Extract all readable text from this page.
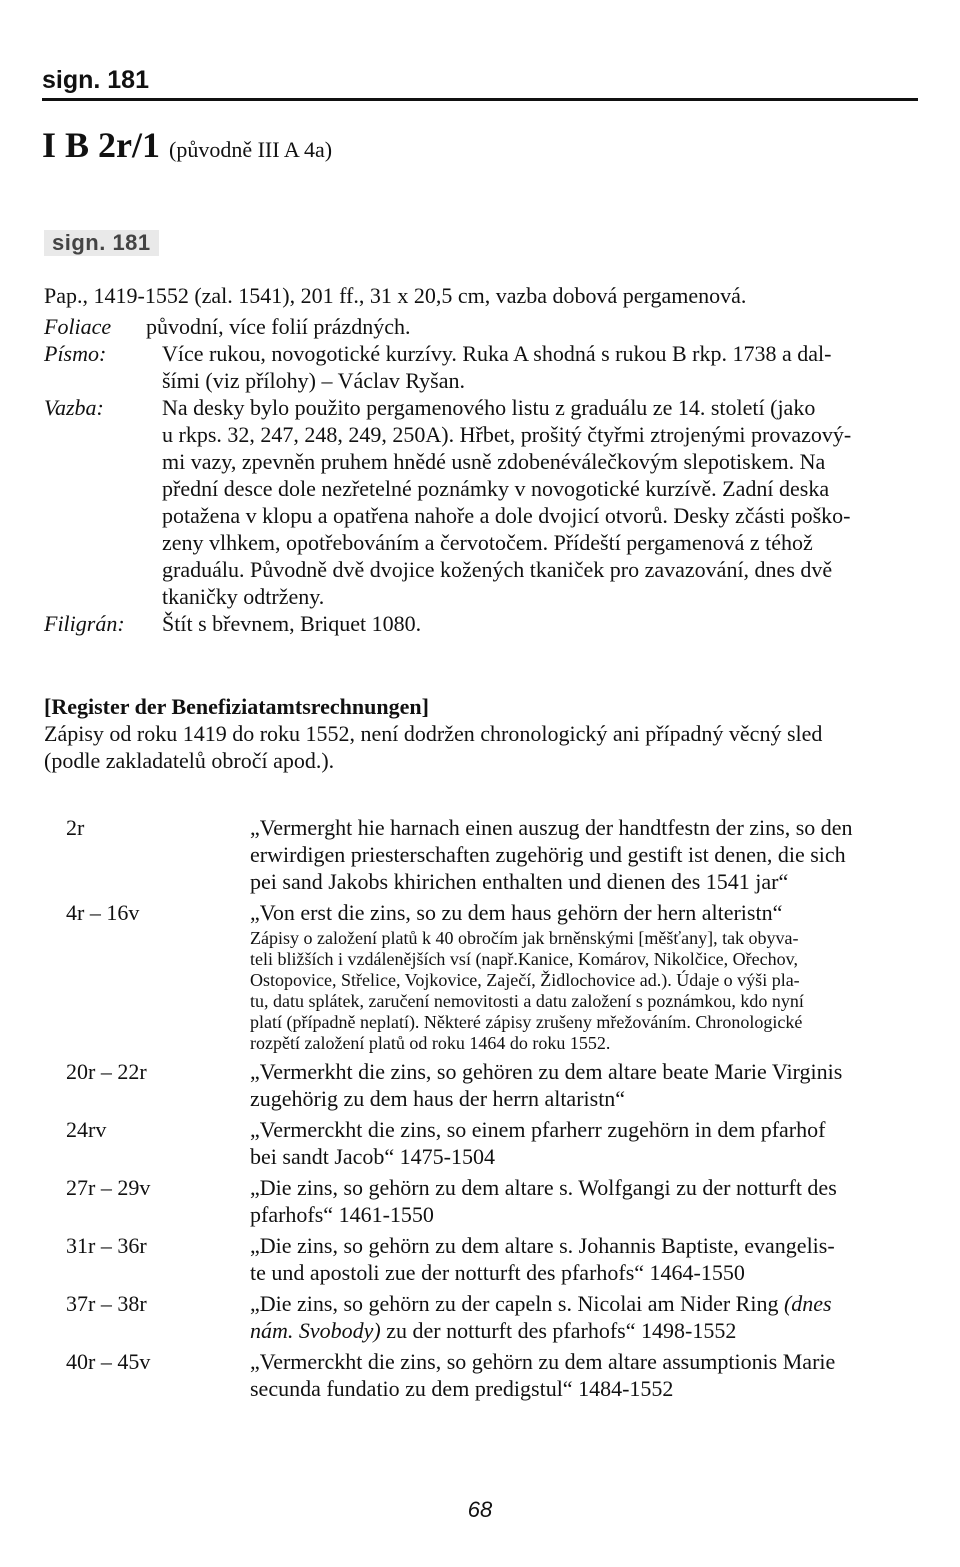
sign. 181
I B 2r/1 (původně III A 4a)
sign. 181
Pap., 1419-1552 (zal. 1541), 201 ff., 31 x 20,5 cm, vazba dobová pergamenová.
Foliace	původní, více folií prázdných.
Písmo:	Více rukou, novogotické kurzívy. Ruka A shodná s rukou B rkp. 1738 a dal-
šími (viz přílohy) – Václav Ryšan.
Vazba:	Na desky bylo použito pergamenového listu z graduálu ze 14. století (jako
u rkps. 32, 247, 248, 249, 250A). Hřbet, prošitý čtyřmi ztrojenými provazový-
mi vazy, zpevněn pruhem hnědé usně zdobenéválečkovým slepotiskem. Na
přední desce dole nezřetelné poznámky v novogotické kurzívě. Zadní deska
potažena v klopu a opatřena nahoře a dole dvojicí otvorů. Desky zčásti poško-
zeny vlhkem, opotřebováním a červotočem. Přídeští pergamenová z téhož
graduálu. Původně dvě dvojice kožených tkaniček pro zavazování, dnes dvě
tkaničky odtrženy.
Filigrán:	Štít s břevnem, Briquet 1080.
[Register der Benefiziatamtsrechnungen]
Zápisy od roku 1419 do roku 1552, není dodržen chronologický ani případný věcný sled
(podle zakladatelů obročí apod.).
2r	„Vermerght hie harnach einen auszug der handtfestn der zins, so den
erwirdigen priesterschaften zugehörig und gestift ist denen, die sich
pei sand Jakobs khirichen enthalten und dienen des 1541 jar“
4r – 16v	„Von erst die zins, so zu dem haus gehörn der hern alteristn“
Zápisy o založení platů k 40 obročím jak brněnskými [měšťany], tak obyva-
teli bližších i vzdálenějších vsí (např.Kanice, Komárov, Nikolčice, Ořechov,
Ostopovice, Střelice, Vojkovice, Zaječí, Židlochovice ad.). Údaje o výši pla-
tu, datu splátek, zaručení nemovitosti a datu založení s poznámkou, kdo nyní
platí (případně neplatí). Některé zápisy zrušeny mřežováním. Chronologické
rozpětí založení platů od roku 1464 do roku 1552.
20r – 22r	„Vermerkht die zins, so gehören zu dem altare beate Marie Virginis
zugehörig zu dem haus der herrn altaristn“
24rv	„Vermerckht die zins, so einem pfarherr zugehörn in dem pfarhof
bei sandt Jacob“ 1475-1504
27r – 29v	„Die zins, so gehörn zu dem altare s. Wolfgangi zu der notturft des
pfarhofs“ 1461-1550
31r – 36r	„Die zins, so gehörn zu dem altare s. Johannis Baptiste, evangelis-
te und apostoli zue der notturft des pfarhofs“ 1464-1550
37r – 38r	„Die zins, so gehörn zu der capeln s. Nicolai am Nider Ring (dnes
nám. Svobody) zu der notturft des pfarhofs“ 1498-1552
40r – 45v	„Vermerckht die zins, so gehörn zu dem altare assumptionis Marie
secunda fundatio zu dem predigstul“ 1484-1552
68
